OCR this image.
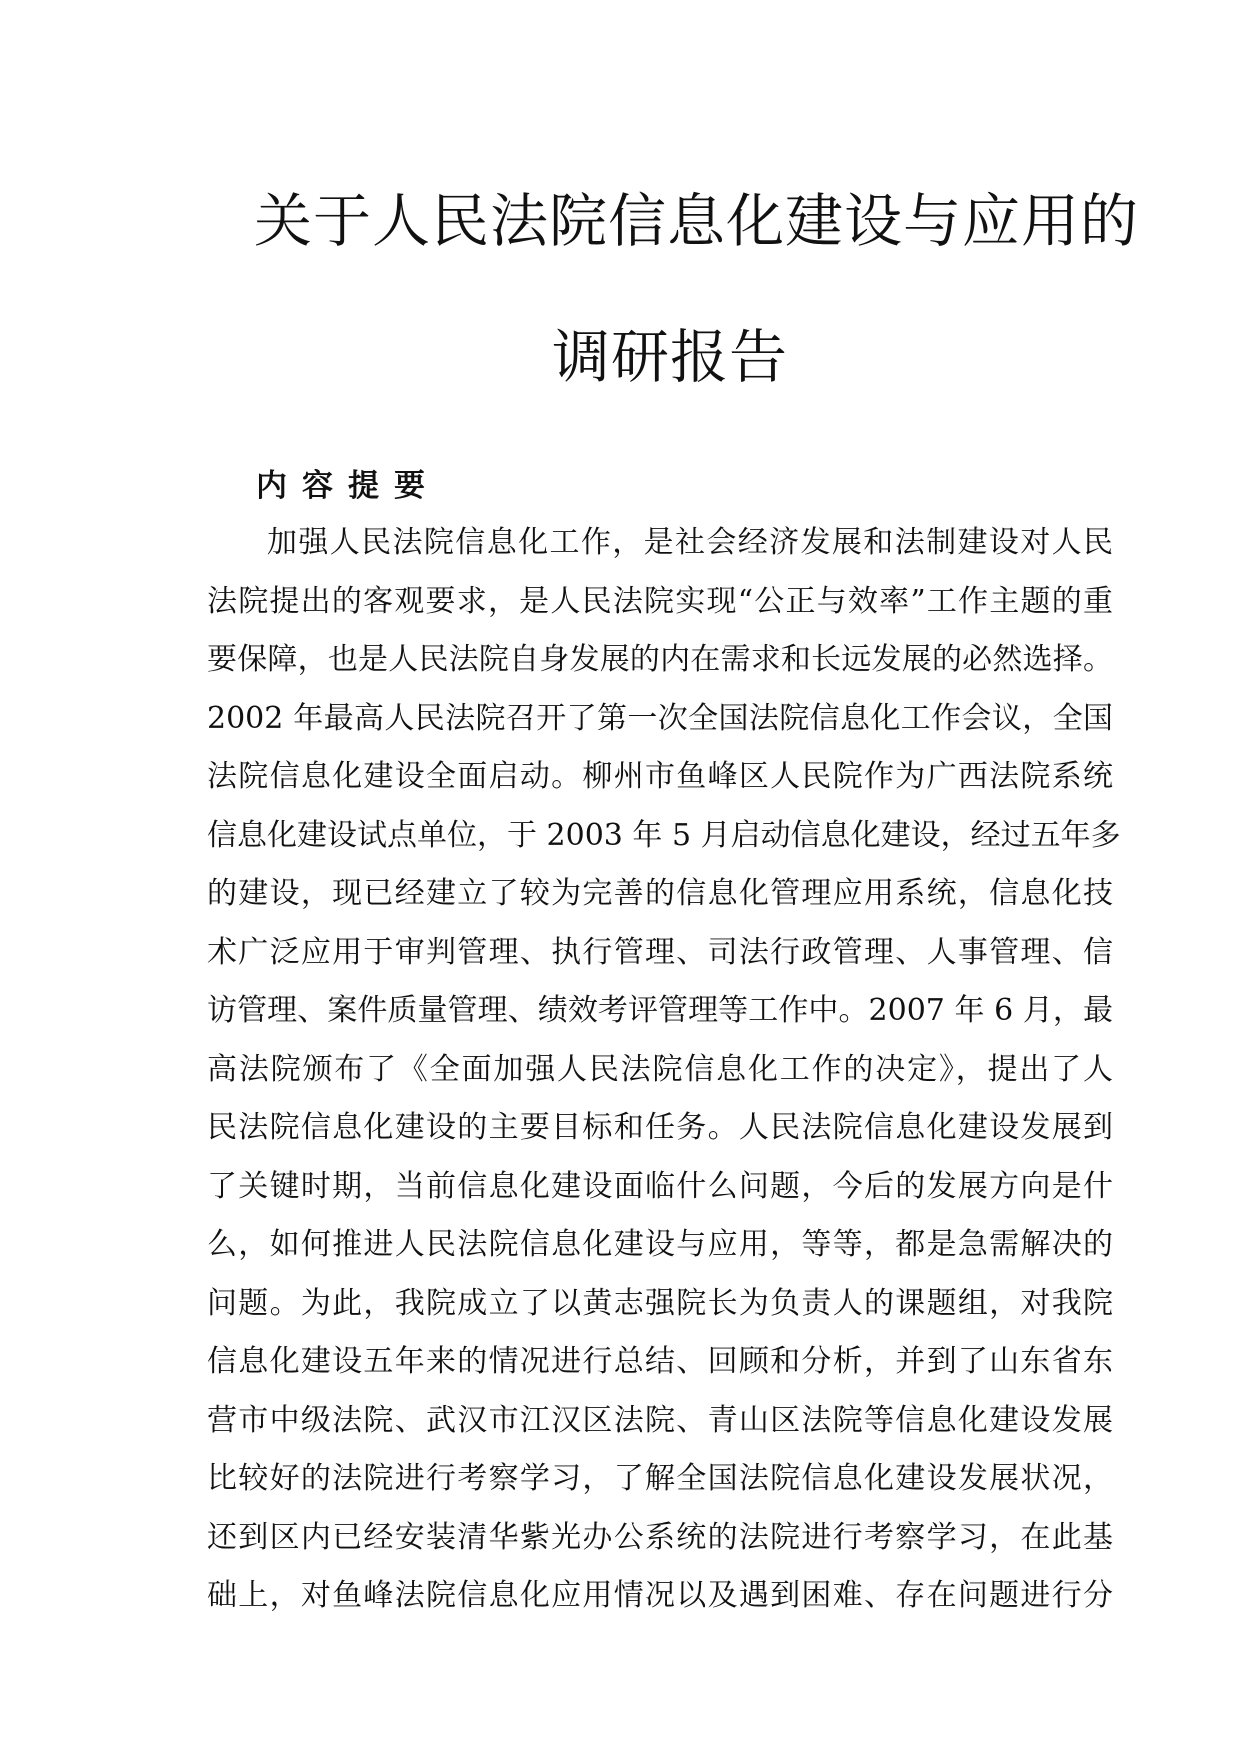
关于人民法院信息化建设与应用的
调研报告
内容提要
加强人民法院信息化工作，是社会经济发展和法制建设对人民
法院提出的客观要求，是人民法院实现“公正与效率”工作主题的重
要保障，也是人民法院自身发展的内在需求和长远发展的必然选择。
2002 年最高人民法院召开了第一次全国法院信息化工作会议，全国
法院信息化建设全面启动。柳州市鱼峰区人民院作为广西法院系统
信息化建设试点单位，于 2003 年 5 月启动信息化建设，经过五年多
的建设，现已经建立了较为完善的信息化管理应用系统，信息化技
术广泛应用于审判管理、执行管理、司法行政管理、人事管理、信
访管理、案件质量管理、绩效考评管理等工作中。2007 年 6 月，最
高法院颁布了《全面加强人民法院信息化工作的决定》，提出了人
民法院信息化建设的主要目标和任务。人民法院信息化建设发展到
了关键时期，当前信息化建设面临什么问题，今后的发展方向是什
么，如何推进人民法院信息化建设与应用，等等，都是急需解决的
问题。为此，我院成立了以黄志强院长为负责人的课题组，对我院
信息化建设五年来的情况进行总结、回顾和分析，并到了山东省东
营市中级法院、武汉市江汉区法院、青山区法院等信息化建设发展
比较好的法院进行考察学习，了解全国法院信息化建设发展状况，
还到区内已经安装清华紫光办公系统的法院进行考察学习，在此基
础上，对鱼峰法院信息化应用情况以及遇到困难、存在问题进行分
